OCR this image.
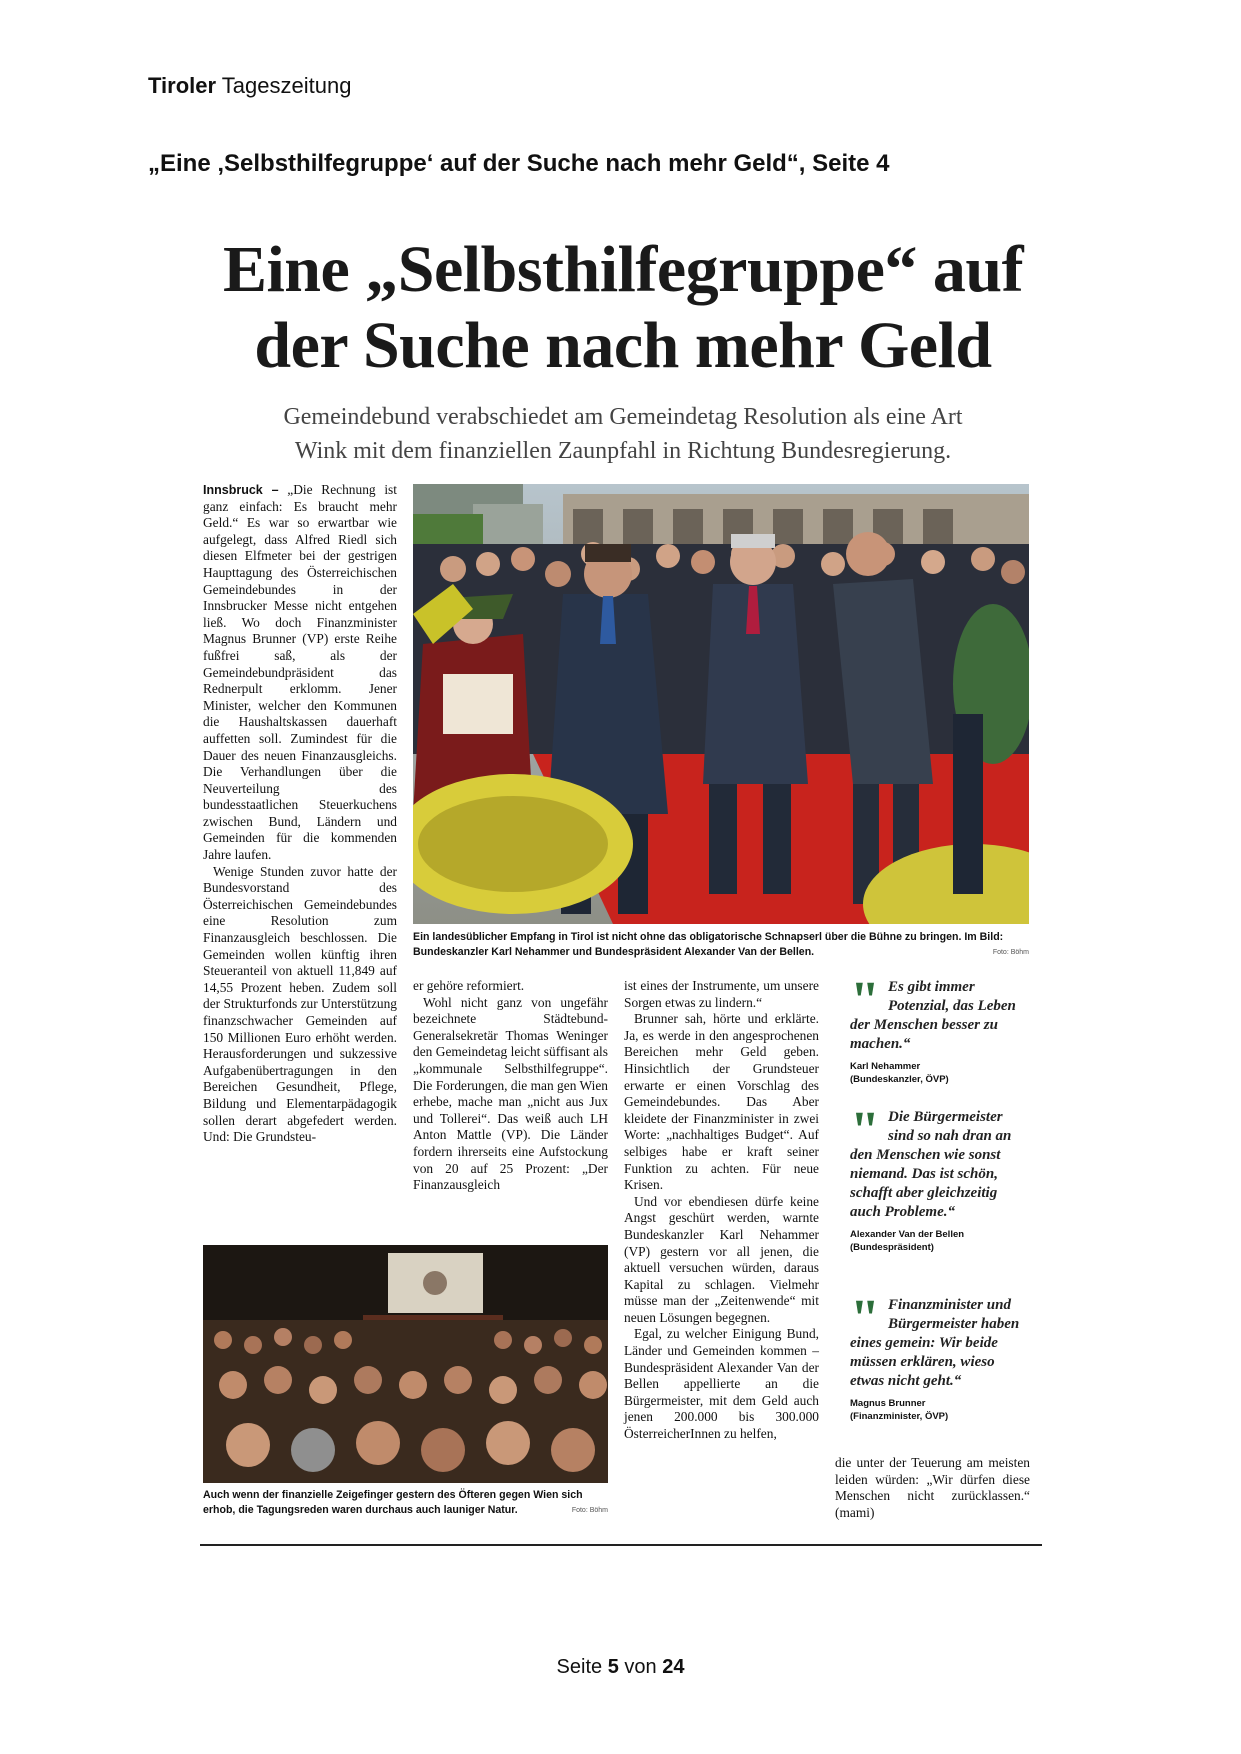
Tiroler Tageszeitung
„Eine ‚Selbsthilfegruppe‘ auf der Suche nach mehr Geld“, Seite 4
Eine „Selbsthilfegruppe“ auf
der Suche nach mehr Geld
Gemeindebund verabschiedet am Gemeindetag Resolution als eine Art
Wink mit dem finanziellen Zaunpfahl in Richtung Bundesregierung.

Innsbruck – „Die Rechnung ist ganz einfach: Es braucht mehr Geld.“ Es war so erwartbar wie aufgelegt, dass Alfred Riedl sich diesen Elfmeter bei der gestrigen Haupttagung des Österreichischen Gemeindebundes in der Innsbrucker Messe nicht entgehen ließ. Wo doch Finanzminister Magnus Brunner (VP) erste Reihe fußfrei saß, als der Gemeindebundpräsident das Rednerpult erklomm. Jener Minister, welcher den Kommunen die Haushaltskassen dauerhaft auffetten soll. Zumindest für die Dauer des neuen Finanzausgleichs. Die Verhandlungen über die Neuverteilung des bundesstaatlichen Steuerkuchens zwischen Bund, Ländern und Gemeinden für die kommenden Jahre laufen.

Wenige Stunden zuvor hatte der Bundesvorstand des Österreichischen Gemeindebundes eine Resolution zum Finanzausgleich beschlossen. Die Gemeinden wollen künftig ihren Steueranteil von aktuell 11,849 auf 14,55 Prozent heben. Zudem soll der Strukturfonds zur Unterstützung finanzschwacher Gemeinden auf 150 Millionen Euro erhöht werden. Herausforderungen und sukzessive Aufgabenübertragungen in den Bereichen Gesundheit, Pflege, Bildung und Elementarpädagogik sollen derart abgefedert werden. Und: Die Grundsteu-

Ein landesüblicher Empfang in Tirol ist nicht ohne das obligatorische Schnapserl über die Bühne zu bringen. Im Bild: Bundeskanzler Karl Nehammer und Bundespräsident Alexander Van der Bellen.	Foto: Böhm

er gehöre reformiert.

Wohl nicht ganz von ungefähr bezeichnete Städtebund-Generalsekretär Thomas Weninger den Gemeindetag leicht süffisant als „kommunale Selbsthilfegruppe“. Die Forderungen, die man gen Wien erhebe, mache man „nicht aus Jux und Tollerei“. Das weiß auch LH Anton Mattle (VP). Die Länder fordern ihrerseits eine Aufstockung von 20 auf 25 Prozent: „Der Finanzausgleich

ist eines der Instrumente, um unsere Sorgen etwas zu lindern.“

Brunner sah, hörte und erklärte. Ja, es werde in den angesprochenen Bereichen mehr Geld geben. Hinsichtlich der Grundsteuer erwarte er einen Vorschlag des Gemeindebundes. Das Aber kleidete der Finanzminister in zwei Worte: „nachhaltiges Budget“. Auf selbiges habe er kraft seiner Funktion zu achten. Für neue Krisen.

Und vor ebendiesen dürfe keine Angst geschürt werden, warnte Bundeskanzler Karl Nehammer (VP) gestern vor all jenen, die aktuell versuchen würden, daraus Kapital zu schlagen. Vielmehr müsse man der „Zeitenwende“ mit neuen Lösungen begegnen.

Egal, zu welcher Einigung Bund, Länder und Gemeinden kommen – Bundespräsident Alexander Van der Bellen appellierte an die Bürgermeister, mit dem Geld auch jenen 200.000 bis 300.000 ÖsterreicherInnen zu helfen,

" Es gibt immer Potenzial, das Leben der Menschen besser zu machen.“
Karl Nehammer
(Bundeskanzler, ÖVP)
" Die Bürgermeister sind so nah dran an den Menschen wie sonst niemand. Das ist schön, schafft aber gleichzeitig auch Probleme.“
Alexander Van der Bellen
(Bundespräsident)
" Finanzminister und Bürgermeister haben eines gemein: Wir beide müssen erklären, wieso etwas nicht geht.“
Magnus Brunner
(Finanzminister, ÖVP)

die unter der Teuerung am meisten leiden würden: „Wir dürfen diese Menschen nicht zurücklassen.“ (mami)

Auch wenn der finanzielle Zeigefinger gestern des Öfteren gegen Wien sich erhob, die Tagungsreden waren durchaus auch launiger Natur.	Foto: Böhm
Seite 5 von 24
